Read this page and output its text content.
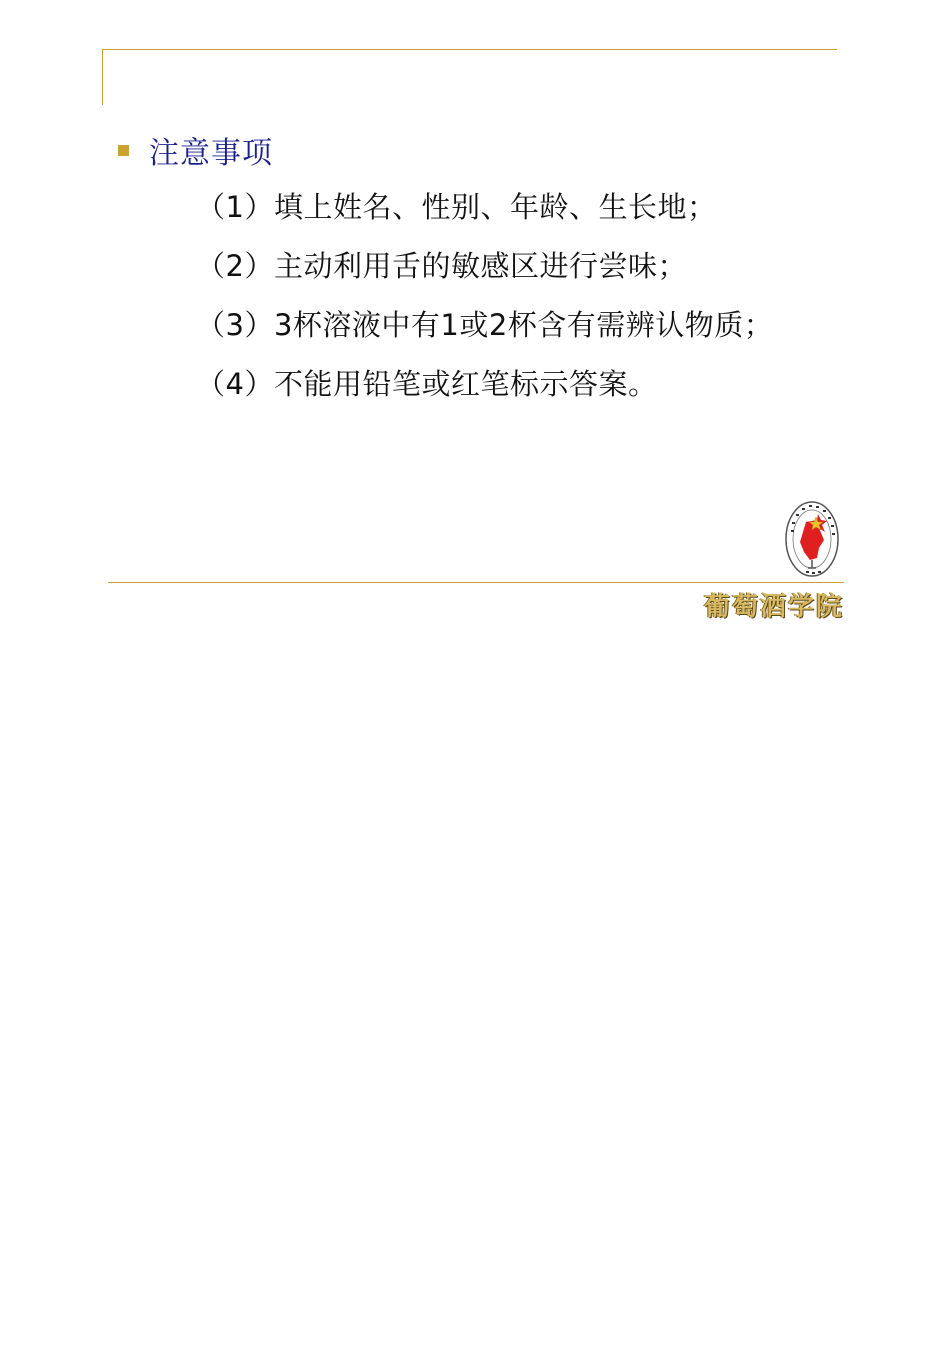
注意事项
（1）填上姓名、性别、年龄、生长地；
（2）主动利用舌的敏感区进行尝味；
（3）3杯溶液中有1或2杯含有需辨认物质；
（4）不能用铅笔或红笔标示答案。
葡萄酒学院
